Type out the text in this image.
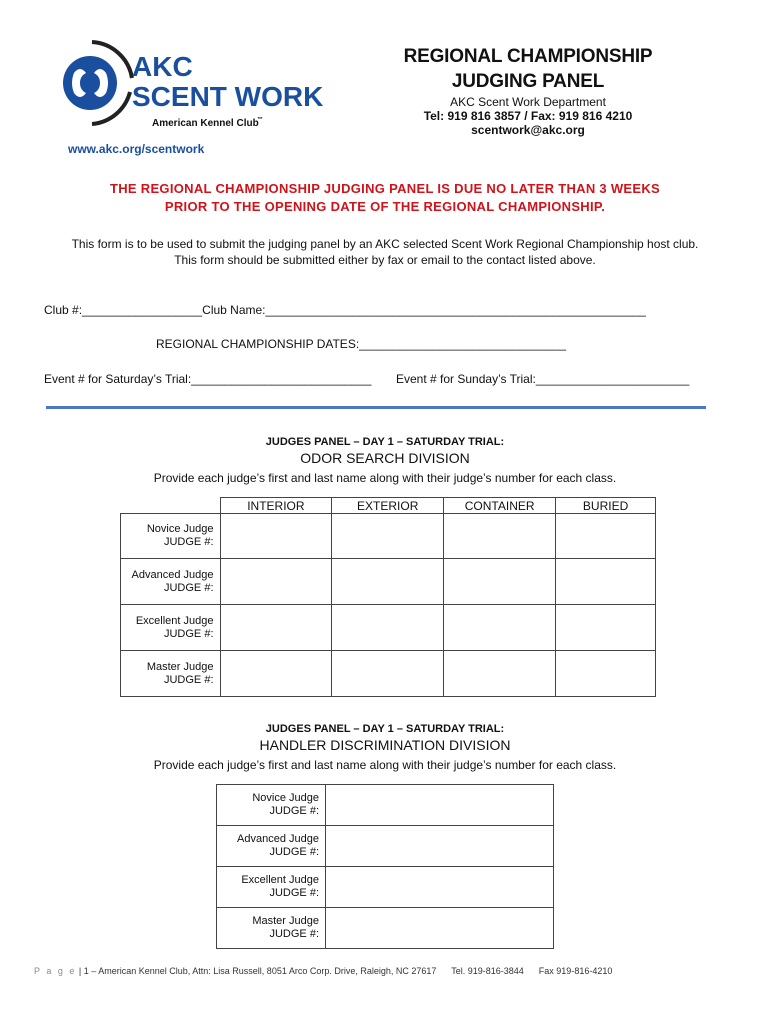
AKC
SCENT WORK
American Kennel Club
™
www.akc.org/scentwork
REGIONAL CHAMPIONSHIP
JUDGING PANEL
AKC Scent Work Department
Tel: 919 816 3857 / Fax: 919 816 4210
scentwork@akc.org
THE REGIONAL CHAMPIONSHIP JUDGING PANEL IS DUE NO LATER THAN 3 WEEKS
PRIOR TO THE OPENING DATE OF THE REGIONAL CHAMPIONSHIP.
This form is to be used to submit the judging panel by an AKC selected Scent Work Regional Championship host club.
This form should be submitted either by fax or email to the contact listed above.
Club #:__________________Club Name:_________________________________________________________
REGIONAL CHAMPIONSHIP DATES:_______________________________
Event # for Saturday’s Trial:___________________________ Event # for Sunday’s Trial:_______________________
JUDGES PANEL – DAY 1 – SATURDAY TRIAL:
ODOR SEARCH DIVISION
Provide each judge’s first and last name along with their judge’s number for each class.
	INTERIOR	EXTERIOR	CONTAINER	BURIED
Novice Judge
JUDGE #:				
Advanced Judge
JUDGE #:				
Excellent Judge
JUDGE #:				
Master Judge
JUDGE #:				
JUDGES PANEL – DAY 1 – SATURDAY TRIAL:
HANDLER DISCRIMINATION DIVISION
Provide each judge’s first and last name along with their judge’s number for each class.
Novice Judge
JUDGE #:	
Advanced Judge
JUDGE #:	
Excellent Judge
JUDGE #:	
Master Judge
JUDGE #:	
P a g e | 1 – American Kennel Club, Attn: Lisa Russell, 8051 Arco Corp. Drive, Raleigh, NC 27617      Tel. 919-816-3844      Fax 919-816-4210
